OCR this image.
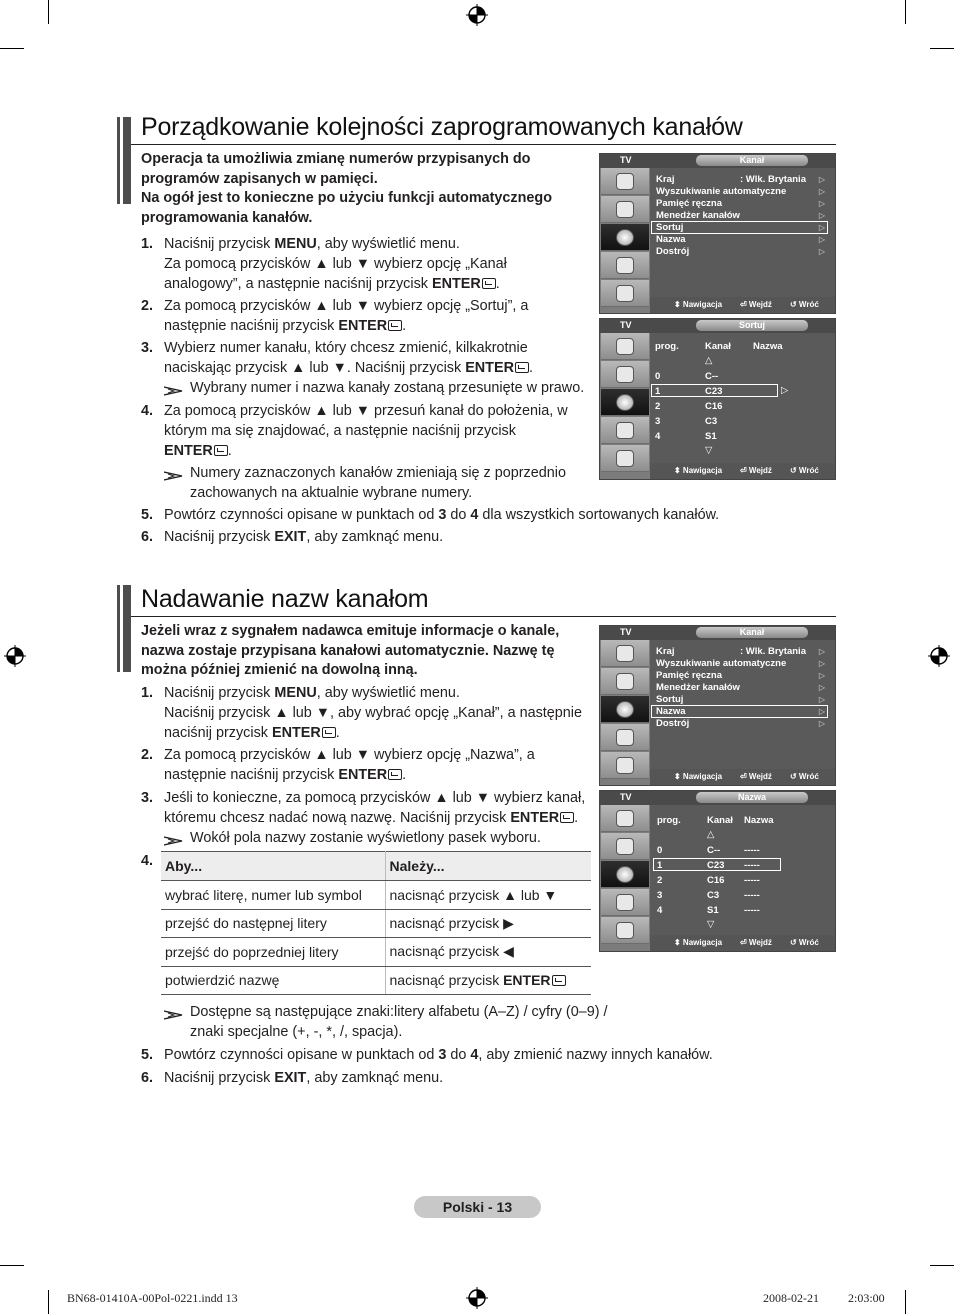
Porządkowanie kolejności zaprogramowanych kanałów
Operacja ta umożliwia zmianę numerów przypisanych do
programów zapisanych w pamięci.
Na ogół jest to konieczne po użyciu funkcji automatycznego
programowania kanałów.
1. Naciśnij przycisk MENU, aby wyświetlić menu.
Za pomocą przycisków ▲ lub ▼ wybierz opcję „Kanał
analogowy”, a następnie naciśnij przycisk ENTER .
2. Za pomocą przycisków ▲ lub ▼ wybierz opcję „Sortuj”, a
następnie naciśnij przycisk ENTER .
3. Wybierz numer kanału, który chcesz zmienić, kilkakrotnie
naciskając przycisk ▲ lub ▼. Naciśnij przycisk ENTER .
4. Za pomocą przycisków ▲ lub ▼ przesuń kanał do położenia, w
którym ma się znajdować, a następnie naciśnij przycisk
ENTER .
5. Powtórz czynności opisane w punktach od 3 do 4 dla wszystkich sortowanych kanałów.
6. Naciśnij przycisk EXIT, aby zamknąć menu.
Wybrany numer i nazwa kanały zostaną przesunięte w prawo.
Numery zaznaczonych kanałów zmieniają się z poprzednio
zachowanych na aktualnie wybrane numery.
TV	Kanał
Kraj	▷
Wyszukiwanie automatyczne	▷
Pamięć ręczna	▷
Menedżer kanałów	▷
Sortuj	▷
Nazwa	▷
Dostrój	▷
: Wlk. Brytania
⬍ Nawigacja ⏎ Wejdź ↺ Wróć
TV	Sortuj
prog.	Kanał Nazwa
△
0	C--
1	C23
2	C16
3	C3
4	S1
▽
⬍ Nawigacja ⏎ Wejdź ↺ Wróć
▷
Nadawanie nazw kanałom
Jeżeli wraz z sygnałem nadawca emituje informacje o kanale,
nazwa zostaje przypisana kanałowi automatycznie. Nazwę tę
można później zmienić na dowolną inną.
1. Naciśnij przycisk MENU, aby wyświetlić menu.
Naciśnij przycisk ▲ lub ▼, aby wybrać opcję „Kanał”, a następnie
naciśnij przycisk ENTER .
2. Za pomocą przycisków ▲ lub ▼ wybierz opcję „Nazwa”, a
następnie naciśnij przycisk ENTER .
3. Jeśli to konieczne, za pomocą przycisków ▲ lub ▼ wybierz kanał,
któremu chcesz nadać nową nazwę. Naciśnij przycisk ENTER .
4.
5. Powtórz czynności opisane w punktach od 3 do 4, aby zmienić nazwy innych kanałów.
6. Naciśnij przycisk EXIT, aby zamknąć menu.
Wokół pola nazwy zostanie wyświetlony pasek wyboru.
Dostępne są następujące znaki:litery alfabetu (A–Z) / cyfry (0–9) /
znaki specjalne (+, -, *, /, spacja).
Aby...	Należy...
wybrać literę, numer lub symbol	nacisnąć przycisk ▲ lub ▼
przejść do następnej litery	nacisnąć przycisk ▶
przejść do poprzedniej litery	nacisnąć przycisk ◀
potwierdzić nazwę	nacisnąć przycisk ENTER
TV	Kanał
Kraj	▷
Wyszukiwanie automatyczne	▷
Pamięć ręczna	▷
Menedżer kanałów	▷
Sortuj	▷
Nazwa	▷
Dostrój	▷
: Wlk. Brytania
⬍ Nawigacja ⏎ Wejdź ↺ Wróć
TV	Nazwa
prog.	Kanał Nazwa
△
0	C--	-----
1	C23 -----
2	C16 -----
3	C3	-----
4	S1	-----
▽
⬍ Nawigacja ⏎ Wejdź ↺ Wróć
Polski - 13
BN68-01410A-00Pol-0221.indd 13	2008-02-21 2:03:00
